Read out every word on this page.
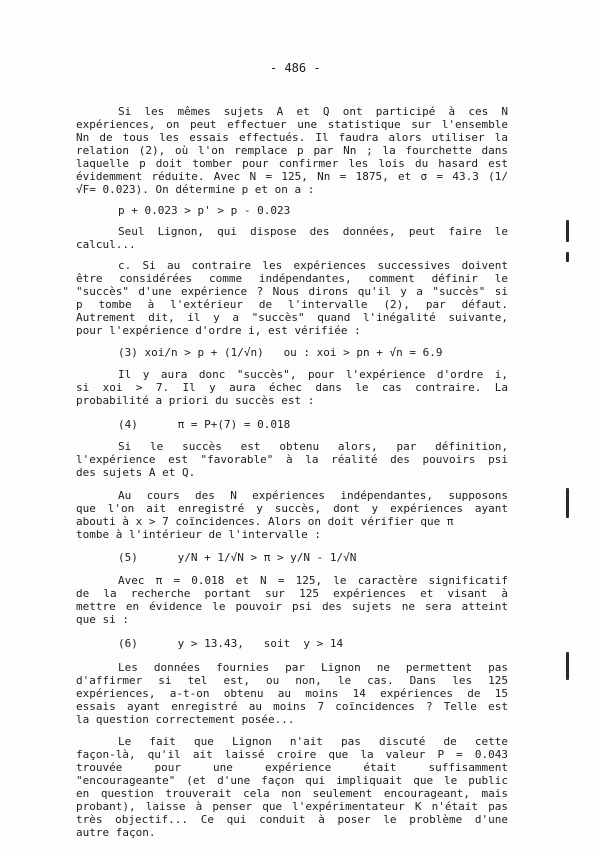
- 486 -
Si les mêmes sujets A et Q ont participé à ces N
expériences, on peut effectuer une statistique sur l'ensemble
Nn de tous les essais effectués. Il faudra alors utiliser la
relation (2), où l'on remplace p par Nn ; la fourchette dans
laquelle p doit tomber pour confirmer les lois du hasard est
évidemment réduite. Avec N = 125, Nn = 1875, et σ = 43.3 (1/
√F= 0.023). On détermine p et on a :
p + 0.023 > p' > p - 0.023
Seul Lignon, qui dispose des données, peut faire le
calcul...
c. Si au contraire les expériences successives doivent
être considérées comme indépendantes, comment définir le
"succès" d'une expérience ? Nous dirons qu'il y a "succès" si
p tombe à l'extérieur de l'intervalle (2), par défaut.
Autrement dit, il y a "succès" quand l'inégalité suivante,
pour l'expérience d'ordre i, est vérifiée :
(3) xoi/n > p + (1/√n)   ou : xoi > pn + √n = 6.9
Il y aura donc "succès", pour l'expérience d'ordre i,
si xoi > 7. Il y aura échec dans le cas contraire. La
probabilité a priori du succès est :
(4)      π = P+(7) = 0.018
Si le succès est obtenu alors, par définition,
l'expérience est "favorable" à la réalité des pouvoirs psi
des sujets A et Q.
Au cours des N expériences indépendantes, supposons
que l'on ait enregistré y succès, dont y expériences ayant
abouti à x > 7 coïncidences. Alors on doit vérifier que π
tombe à l'intérieur de l'intervalle :
(5)      y/N + 1/√N > π > y/N - 1/√N
Avec π = 0.018 et N = 125, le caractère significatif
de la recherche portant sur 125 expériences et visant à
mettre en évidence le pouvoir psi des sujets ne sera atteint
que si :
(6)      y > 13.43,   soit  y > 14
Les données fournies par Lignon ne permettent pas
d'affirmer si tel est, ou non, le cas. Dans les 125
expériences, a-t-on obtenu au moins 14 expériences de 15
essais ayant enregistré au moins 7 coïncidences ? Telle est
la question correctement posée...
Le fait que Lignon n'ait pas discuté de cette
façon-là, qu'il ait laissé croire que la valeur P = 0.043
trouvée pour une expérience était suffisamment
"encourageante" (et d'une façon qui impliquait que le public
en question trouverait cela non seulement encourageant, mais
probant), laisse à penser que l'expérimentateur K n'était pas
très objectif... Ce qui conduit à poser le problème d'une
autre façon.
